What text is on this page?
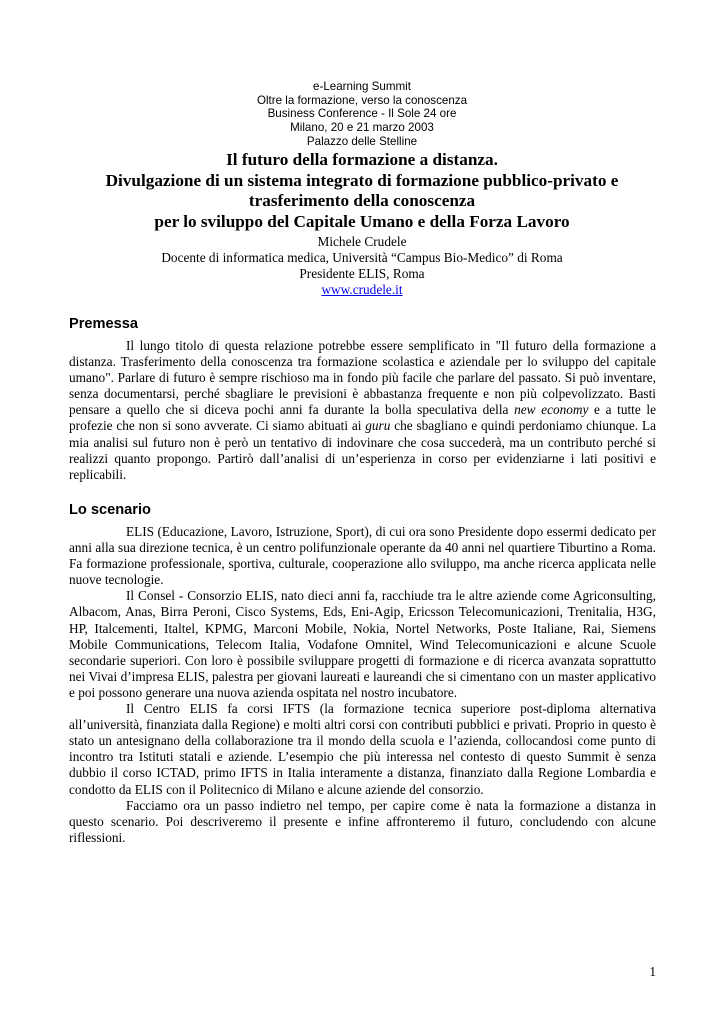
e-Learning Summit
Oltre la formazione, verso la conoscenza
Business Conference - Il Sole 24 ore
Milano, 20 e 21 marzo 2003
Palazzo delle Stelline
Il futuro della formazione a distanza.
Divulgazione di un sistema integrato di formazione pubblico-privato e
trasferimento della conoscenza
per lo sviluppo del Capitale Umano e della Forza Lavoro
Michele Crudele
Docente di informatica medica, Università “Campus Bio-Medico” di Roma
Presidente ELIS, Roma
www.crudele.it
Premessa

Il lungo titolo di questa relazione potrebbe essere semplificato in "Il futuro della formazione a distanza. Trasferimento della conoscenza tra formazione scolastica e aziendale per lo sviluppo del capitale umano". Parlare di futuro è sempre rischioso ma in fondo più facile che parlare del passato. Si può inventare, senza documentarsi, perché sbagliare le previsioni è abbastanza frequente e non più colpevolizzato. Basti pensare a quello che si diceva pochi anni fa durante la bolla speculativa della new economy e a tutte le profezie che non si sono avverate. Ci siamo abituati ai guru che sbagliano e quindi perdoniamo chiunque. La mia analisi sul futuro non è però un tentativo di indovinare che cosa succederà, ma un contributo perché si realizzi quanto propongo. Partirò dall’analisi di un’esperienza in corso per evidenziarne i lati positivi e replicabili.

Lo scenario

ELIS (Educazione, Lavoro, Istruzione, Sport), di cui ora sono Presidente dopo essermi dedicato per anni alla sua direzione tecnica, è un centro polifunzionale operante da 40 anni nel quartiere Tiburtino a Roma. Fa formazione professionale, sportiva, culturale, cooperazione allo sviluppo, ma anche ricerca applicata nelle nuove tecnologie.

Il Consel - Consorzio ELIS, nato dieci anni fa, racchiude tra le altre aziende come Agriconsulting, Albacom, Anas, Birra Peroni, Cisco Systems, Eds, Eni-Agip, Ericsson Telecomunicazioni, Trenitalia, H3G, HP, Italcementi, Italtel, KPMG, Marconi Mobile, Nokia, Nortel Networks, Poste Italiane, Rai, Siemens Mobile Communications, Telecom Italia, Vodafone Omnitel, Wind Telecomunicazioni e alcune Scuole secondarie superiori. Con loro è possibile sviluppare progetti di formazione e di ricerca avanzata soprattutto nei Vivai d’impresa ELIS, palestra per giovani laureati e laureandi che si cimentano con un master applicativo e poi possono generare una nuova azienda ospitata nel nostro incubatore.

Il Centro ELIS fa corsi IFTS (la formazione tecnica superiore post-diploma alternativa all’università, finanziata dalla Regione) e molti altri corsi con contributi pubblici e privati. Proprio in questo è stato un antesignano della collaborazione tra il mondo della scuola e l’azienda, collocandosi come punto di incontro tra Istituti statali e aziende. L’esempio che più interessa nel contesto di questo Summit è senza dubbio il corso ICTAD, primo IFTS in Italia interamente a distanza, finanziato dalla Regione Lombardia e condotto da ELIS con il Politecnico di Milano e alcune aziende del consorzio.

Facciamo ora un passo indietro nel tempo, per capire come è nata la formazione a distanza in questo scenario. Poi descriveremo il presente e infine affronteremo il futuro, concludendo con alcune riflessioni.

1
